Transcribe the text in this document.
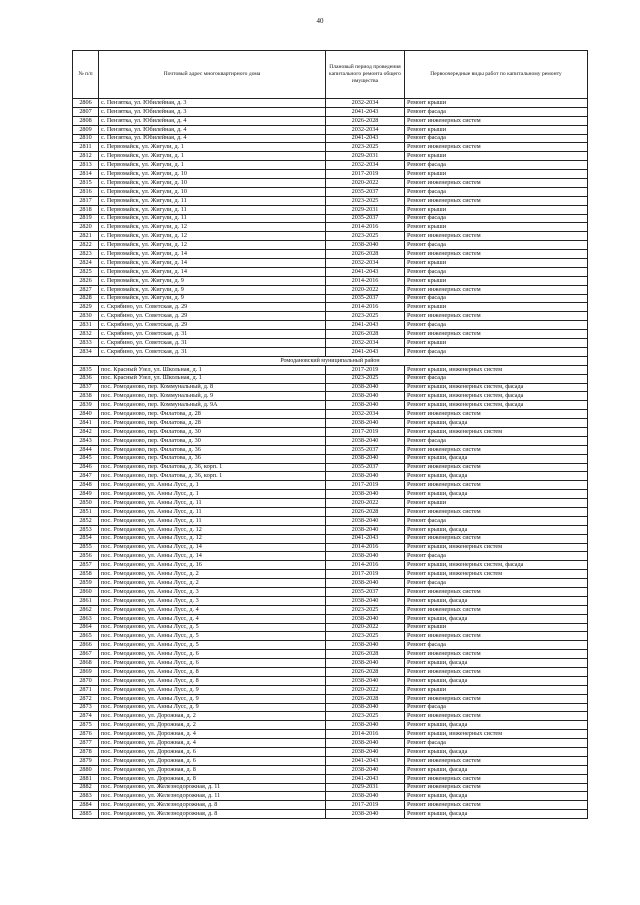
40
№ п/п	Почтовый адрес многоквартирного дома	Плановый период проведения капитального ремонта общего имущества	Первоочередные виды работ по капитальному ремонту
2806	с. Пензятка, ул. Юбилейная, д. 3	2032-2034	Ремонт крыши
2807	с. Пензятка, ул. Юбилейная, д. 3	2041-2043	Ремонт фасада
2808	с. Пензятка, ул. Юбилейная, д. 4	2026-2028	Ремонт инженерных систем
2809	с. Пензятка, ул. Юбилейная, д. 4	2032-2034	Ремонт крыши
2810	с. Пензятка, ул. Юбилейная, д. 4	2041-2043	Ремонт фасада
2811	с. Первомайск, ул. Жигули, д. 1	2023-2025	Ремонт инженерных систем
2812	с. Первомайск, ул. Жигули, д. 1	2029-2031	Ремонт крыши
2813	с. Первомайск, ул. Жигули, д. 1	2032-2034	Ремонт фасада
2814	с. Первомайск, ул. Жигули, д. 10	2017-2019	Ремонт крыши
2815	с. Первомайск, ул. Жигули, д. 10	2020-2022	Ремонт инженерных систем
2816	с. Первомайск, ул. Жигули, д. 10	2035-2037	Ремонт фасада
2817	с. Первомайск, ул. Жигули, д. 11	2023-2025	Ремонт инженерных систем
2818	с. Первомайск, ул. Жигули, д. 11	2029-2031	Ремонт крыши
2819	с. Первомайск, ул. Жигули, д. 11	2035-2037	Ремонт фасада
2820	с. Первомайск, ул. Жигули, д. 12	2014-2016	Ремонт крыши
2821	с. Первомайск, ул. Жигули, д. 12	2023-2025	Ремонт инженерных систем
2822	с. Первомайск, ул. Жигули, д. 12	2038-2040	Ремонт фасада
2823	с. Первомайск, ул. Жигули, д. 14	2026-2028	Ремонт инженерных систем
2824	с. Первомайск, ул. Жигули, д. 14	2032-2034	Ремонт крыши
2825	с. Первомайск, ул. Жигули, д. 14	2041-2043	Ремонт фасада
2826	с. Первомайск, ул. Жигули, д. 9	2014-2016	Ремонт крыши
2827	с. Первомайск, ул. Жигули, д. 9	2020-2022	Ремонт инженерных систем
2828	с. Первомайск, ул. Жигули, д. 9	2035-2037	Ремонт фасада
2829	с. Скрябино, ул. Советская, д. 29	2014-2016	Ремонт крыши
2830	с. Скрябино, ул. Советская, д. 29	2023-2025	Ремонт инженерных систем
2831	с. Скрябино, ул. Советская, д. 29	2041-2043	Ремонт фасада
2832	с. Скрябино, ул. Советская, д. 31	2026-2028	Ремонт инженерных систем
2833	с. Скрябино, ул. Советская, д. 31	2032-2034	Ремонт крыши
2834	с. Скрябино, ул. Советская, д. 31	2041-2043	Ремонт фасада
Ромодановский муниципальный район			
2835	пос. Красный Узел, ул. Школьная, д. 1	2017-2019	Ремонт крыши, инженерных систем
2836	пос. Красный Узел, ул. Школьная, д. 1	2023-2025	Ремонт фасада
2837	пос. Ромоданово, пер. Коммунальный, д. 8	2038-2040	Ремонт крыши, инженерных систем, фасада
2838	пос. Ромоданово, пер. Коммунальный, д. 9	2038-2040	Ремонт крыши, инженерных систем, фасада
2839	пос. Ромоданово, пер. Коммунальный, д. 9А	2038-2040	Ремонт крыши, инженерных систем, фасада
2840	пос. Ромоданово, пер. Филатова, д. 28	2032-2034	Ремонт инженерных систем
2841	пос. Ромоданово, пер. Филатова, д. 28	2038-2040	Ремонт крыши, фасада
2842	пос. Ромоданово, пер. Филатова, д. 30	2017-2019	Ремонт крыши, инженерных систем
2843	пос. Ромоданово, пер. Филатова, д. 30	2038-2040	Ремонт фасада
2844	пос. Ромоданово, пер. Филатова, д. 36	2035-2037	Ремонт инженерных систем
2845	пос. Ромоданово, пер. Филатова, д. 36	2038-2040	Ремонт крыши, фасада
2846	пос. Ромоданово, пер. Филатова, д. 36, корп. 1	2035-2037	Ремонт инженерных систем
2847	пос. Ромоданово, пер. Филатова, д. 36, корп. 1	2038-2040	Ремонт крыши, фасада
2848	пос. Ромоданово, ул. Анны Лусс, д. 1	2017-2019	Ремонт инженерных систем
2849	пос. Ромоданово, ул. Анны Лусс, д. 1	2038-2040	Ремонт крыши, фасада
2850	пос. Ромоданово, ул. Анны Лусс, д. 11	2020-2022	Ремонт крыши
2851	пос. Ромоданово, ул. Анны Лусс, д. 11	2026-2028	Ремонт инженерных систем
2852	пос. Ромоданово, ул. Анны Лусс, д. 11	2038-2040	Ремонт фасада
2853	пос. Ромоданово, ул. Анны Лусс, д. 12	2038-2040	Ремонт крыши, фасада
2854	пос. Ромоданово, ул. Анны Лусс, д. 12	2041-2043	Ремонт инженерных систем
2855	пос. Ромоданово, ул. Анны Лусс, д. 14	2014-2016	Ремонт крыши, инженерных систем
2856	пос. Ромоданово, ул. Анны Лусс, д. 14	2038-2040	Ремонт фасада
2857	пос. Ромоданово, ул. Анны Лусс, д. 16	2014-2016	Ремонт крыши, инженерных систем, фасада
2858	пос. Ромоданово, ул. Анны Лусс, д. 2	2017-2019	Ремонт крыши, инженерных систем
2859	пос. Ромоданово, ул. Анны Лусс, д. 2	2038-2040	Ремонт фасада
2860	пос. Ромоданово, ул. Анны Лусс, д. 3	2035-2037	Ремонт инженерных систем
2861	пос. Ромоданово, ул. Анны Лусс, д. 3	2038-2040	Ремонт крыши, фасада
2862	пос. Ромоданово, ул. Анны Лусс, д. 4	2023-2025	Ремонт инженерных систем
2863	пос. Ромоданово, ул. Анны Лусс, д. 4	2038-2040	Ремонт крыши, фасада
2864	пос. Ромоданово, ул. Анны Лусс, д. 5	2020-2022	Ремонт крыши
2865	пос. Ромоданово, ул. Анны Лусс, д. 5	2023-2025	Ремонт инженерных систем
2866	пос. Ромоданово, ул. Анны Лусс, д. 5	2038-2040	Ремонт фасада
2867	пос. Ромоданово, ул. Анны Лусс, д. 6	2026-2028	Ремонт инженерных систем
2868	пос. Ромоданово, ул. Анны Лусс, д. 6	2038-2040	Ремонт крыши, фасада
2869	пос. Ромоданово, ул. Анны Лусс, д. 8	2026-2028	Ремонт инженерных систем
2870	пос. Ромоданово, ул. Анны Лусс, д. 8	2038-2040	Ремонт крыши, фасада
2871	пос. Ромоданово, ул. Анны Лусс, д. 9	2020-2022	Ремонт крыши
2872	пос. Ромоданово, ул. Анны Лусс, д. 9	2026-2028	Ремонт инженерных систем
2873	пос. Ромоданово, ул. Анны Лусс, д. 9	2038-2040	Ремонт фасада
2874	пос. Ромоданово, ул. Дорожная, д. 2	2023-2025	Ремонт инженерных систем
2875	пос. Ромоданово, ул. Дорожная, д. 2	2038-2040	Ремонт крыши, фасада
2876	пос. Ромоданово, ул. Дорожная, д. 4	2014-2016	Ремонт крыши, инженерных систем
2877	пос. Ромоданово, ул. Дорожная, д. 4	2038-2040	Ремонт фасада
2878	пос. Ромоданово, ул. Дорожная, д. 6	2038-2040	Ремонт крыши, фасада
2879	пос. Ромоданово, ул. Дорожная, д. 6	2041-2043	Ремонт инженерных систем
2880	пос. Ромоданово, ул. Дорожная, д. 8	2038-2040	Ремонт крыши, фасада
2881	пос. Ромоданово, ул. Дорожная, д. 8	2041-2043	Ремонт инженерных систем
2882	пос. Ромоданово, ул. Железнодорожная, д. 11	2029-2031	Ремонт инженерных систем
2883	пос. Ромоданово, ул. Железнодорожная, д. 11	2038-2040	Ремонт крыши, фасада
2884	пос. Ромоданово, ул. Железнодорожная, д. 8	2017-2019	Ремонт инженерных систем
2885	пос. Ромоданово, ул. Железнодорожная, д. 8	2038-2040	Ремонт крыши, фасада
